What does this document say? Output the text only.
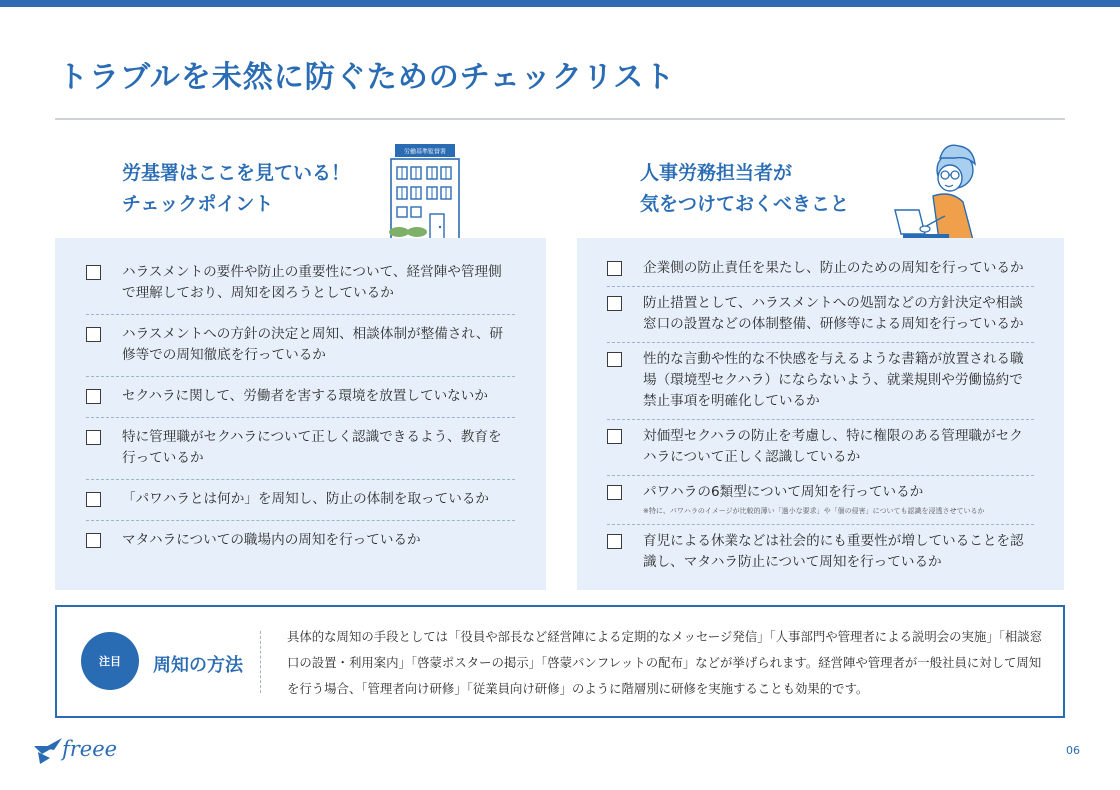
トラブルを未然に防ぐためのチェックリスト
労基署はここを見ている！
チェックポイント
労働基準監督署
人事労務担当者が
気をつけておくべきこと
ハラスメントの要件や防止の重要性について、経営陣や管理側で理解しており、周知を図ろうとしているか
ハラスメントへの方針の決定と周知、相談体制が整備され、研修等での周知徹底を行っているか
セクハラに関して、労働者を害する環境を放置していないか
特に管理職がセクハラについて正しく認識できるよう、教育を行っているか
「パワハラとは何か」を周知し、防止の体制を取っているか
マタハラについての職場内の周知を行っているか
企業側の防止責任を果たし、防止のための周知を行っているか
防止措置として、ハラスメントへの処罰などの方針決定や相談窓口の設置などの体制整備、研修等による周知を行っているか
性的な言動や性的な不快感を与えるような書籍が放置される職場（環境型セクハラ）にならないよう、就業規則や労働協約で禁止事項を明確化しているか
対価型セクハラの防止を考慮し、特に権限のある管理職がセクハラについて正しく認識しているか
パワハラの6類型について周知を行っているか
※特に、パワハラのイメージが比較的薄い「過小な要求」や「個の侵害」についても認識を浸透させているか
育児による休業などは社会的にも重要性が増していることを認識し、マタハラ防止について周知を行っているか
注目	周知の方法

具体的な周知の手段としては「役員や部長など経営陣による定期的なメッセージ発信」「人事部門や管理者による説明会の実施」「相談窓口の設置・利用案内」「啓蒙ポスターの掲示」「啓蒙パンフレットの配布」などが挙げられます。経営陣や管理者が一般社員に対して周知を行う場合、「管理者向け研修」「従業員向け研修」のように階層別に研修を実施することも効果的です。

freee	06
